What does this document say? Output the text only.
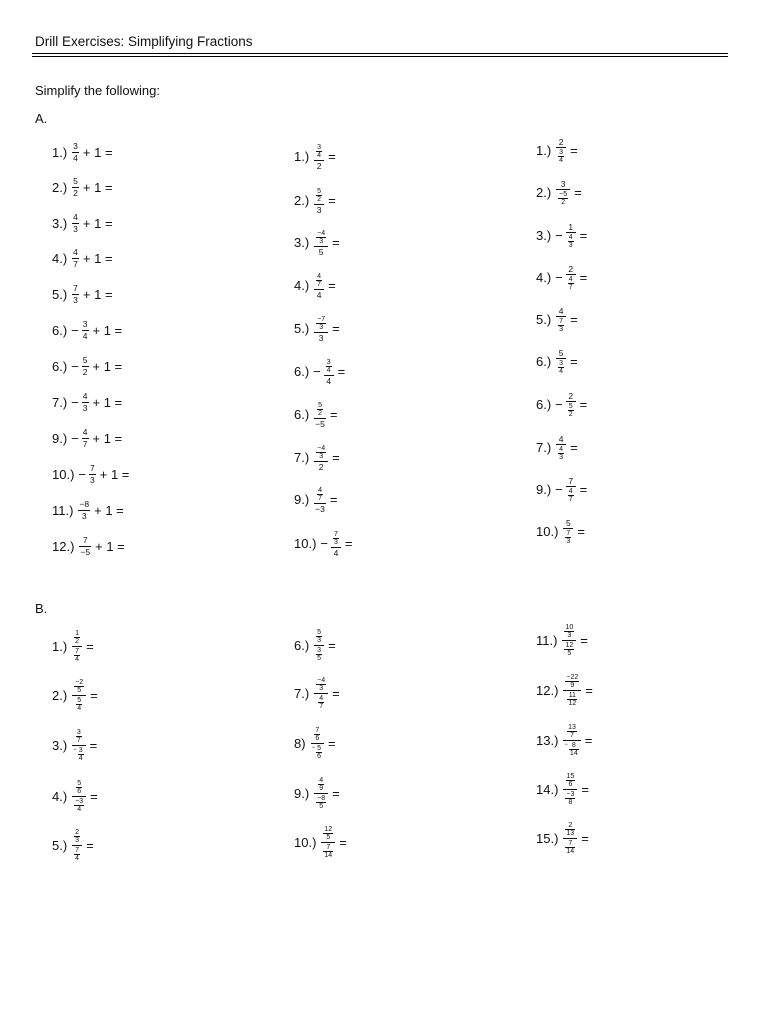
Drill Exercises: Simplifying Fractions
Simplify the following:
A.
B.
$1.) \frac{3}{4} + 1$ =
$2.) \frac{5}{2} + 1$ =
$3.) \frac{4}{3} + 1$ =
$4.) \frac{4}{7} + 1$ =
$5.) \frac{7}{3} + 1$ =
$6.) - \frac{3}{4} + 1$ =
$6.) - \frac{5}{2} + 1$ =
$7.) - \frac{4}{3} + 1$ =
$9.) - \frac{4}{7} + 1$ =
$10.) - \frac{7}{3} + 1$ =
$11.) \frac{-8}{3} + 1$ =
$12.) \frac{7}{-5} + 1$ =
$1.) \frac{\frac{3}{4}}{2}$ =
$2.) \frac{\frac{5}{2}}{3}$ =
$3.) \frac{\frac{-4}{3}}{5}$ =
$4.) \frac{\frac{4}{7}}{4}$ =
$5.) \frac{\frac{-7}{3}}{3}$ =
$6.) - \frac{\frac{3}{4}}{4}$ =
$6.) \frac{\frac{5}{2}}{-5}$ =
$7.) \frac{\frac{-4}{3}}{2}$ =
$9.) \frac{\frac{4}{7}}{-3}$ =
$10.) - \frac{\frac{7}{3}}{4}$ =
$1.) \frac{2}{\frac{3}{4}}$ =
$2.) \frac{3}{\frac{-5}{2}}$ =
$3.) - \frac{1}{\frac{4}{3}}$ =
$4.) - \frac{2}{\frac{4}{7}}$ =
$5.) \frac{4}{\frac{7}{3}}$ =
$6.) \frac{5}{\frac{3}{4}}$ =
$6.) - \frac{2}{\frac{5}{2}}$ =
$7.) \frac{4}{\frac{4}{3}}$ =
$9.) - \frac{7}{\frac{4}{7}}$ =
$10.) \frac{5}{\frac{7}{3}}$ =
$1.) \frac{\frac{1}{2}}{\frac{7}{4}}$ =
$2.) \frac{\frac{-2}{5}}{\frac{5}{4}}$ =
$3.) \frac{\frac{3}{7}}{- \frac{3}{4}}$ =
$4.) \frac{\frac{5}{6}}{\frac{-3}{4}}$ =
$5.) \frac{\frac{2}{3}}{\frac{7}{4}}$ =
$6.) \frac{\frac{5}{3}}{\frac{3}{5}}$ =
$7.) \frac{\frac{-4}{3}}{\frac{4}{7}}$ =
$8) \frac{\frac{7}{6}}{- \frac{5}{6}}$ =
$9.) \frac{\frac{4}{9}}{\frac{-8}{5}}$ =
$10.) \frac{\frac{12}{5}}{\frac{7}{14}}$ =
$11.) \frac{\frac{10}{3}}{\frac{12}{5}}$ =
$12.) \frac{\frac{-22}{9}}{\frac{11}{12}}$ =
$13.) \frac{\frac{13}{7}}{- \frac{8}{14}}$ =
$14.) \frac{\frac{15}{6}}{\frac{-3}{8}}$ =
$15.) \frac{\frac{2}{13}}{\frac{7}{14}}$ =
